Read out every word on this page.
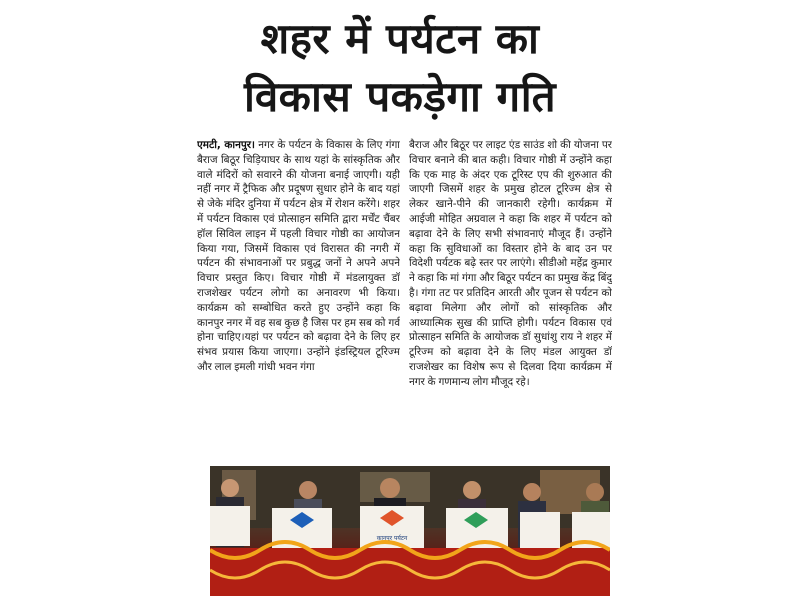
शहर में पर्यटन का
विकास पकड़ेगा गति
एमटी, कानपुर। नगर के पर्यटन के विकास के लिए गंगा बैराज बिठूर चिड़ियाघर के साथ यहां के सांस्कृतिक और वाले मंदिरों को सवारने की योजना बनाई जाएगी। यही नहीं नगर में ट्रैफिक और प्रदूषण सुधार होने के बाद यहां से जेके मंदिर दुनिया में पर्यटन क्षेत्र में रोशन करेंगे। शहर में पर्यटन विकास एवं प्रोत्साहन समिति द्वारा मर्चेंट चैंबर हॉल सिविल लाइन में पहली विचार गोष्ठी का आयोजन किया गया, जिसमें विकास एवं विरासत की नगरी में पर्यटन की संभावनाओं पर प्रबुद्ध जनों ने अपने अपने विचार प्रस्तुत किए। विचार गोष्ठी में मंडलायुक्त डॉ राजशेखर पर्यटन लोगो का अनावरण भी किया। कार्यक्रम को सम्बोधित करते हुए उन्होंने कहा कि कानपुर नगर में वह सब कुछ है जिस पर हम सब को गर्व होना चाहिए।यहां पर पर्यटन को बढ़ावा देने के लिए हर संभव प्रयास किया जाएगा। उन्होंने इंडस्ट्रियल टूरिज्म और लाल इमली गांधी भवन गंगा
बैराज और बिठूर पर लाइट एंड साउंड शो की योजना पर विचार बनाने की बात कही। विचार गोष्ठी में उन्होंने कहा कि एक माह के अंदर एक टूरिस्ट एप की शुरुआत की जाएगी जिसमें शहर के प्रमुख होटल टूरिज्म क्षेत्र से लेकर खाने-पीने की जानकारी रहेगी। कार्यक्रम में आईजी मोहित अग्रवाल ने कहा कि शहर में पर्यटन को बढ़ावा देने के लिए सभी संभावनाएं मौजूद हैं। उन्होंने कहा कि सुविधाओं का विस्तार होने के बाद उन पर विदेशी पर्यटक बढ़े स्तर पर लाएंगे। सीडीओ महेंद्र कुमार ने कहा कि मां गंगा और बिठूर पर्यटन का प्रमुख केंद्र बिंदु है। गंगा तट पर प्रतिदिन आरती और पूजन से पर्यटन को बढ़ावा मिलेगा और लोगों को सांस्कृतिक और आध्यात्मिक सुख की प्राप्ति होगी। पर्यटन विकास एवं प्रोत्साहन समिति के आयोजक डॉ सुधांशु राय ने शहर में टूरिज्म को बढ़ावा देने के लिए मंडल आयुक्त डॉ राजशेखर का विशेष रूप से दिलवा दिया कार्यक्रम में नगर के गणमान्य लोग मौजूद रहे।
कानपुर पर्यटन
